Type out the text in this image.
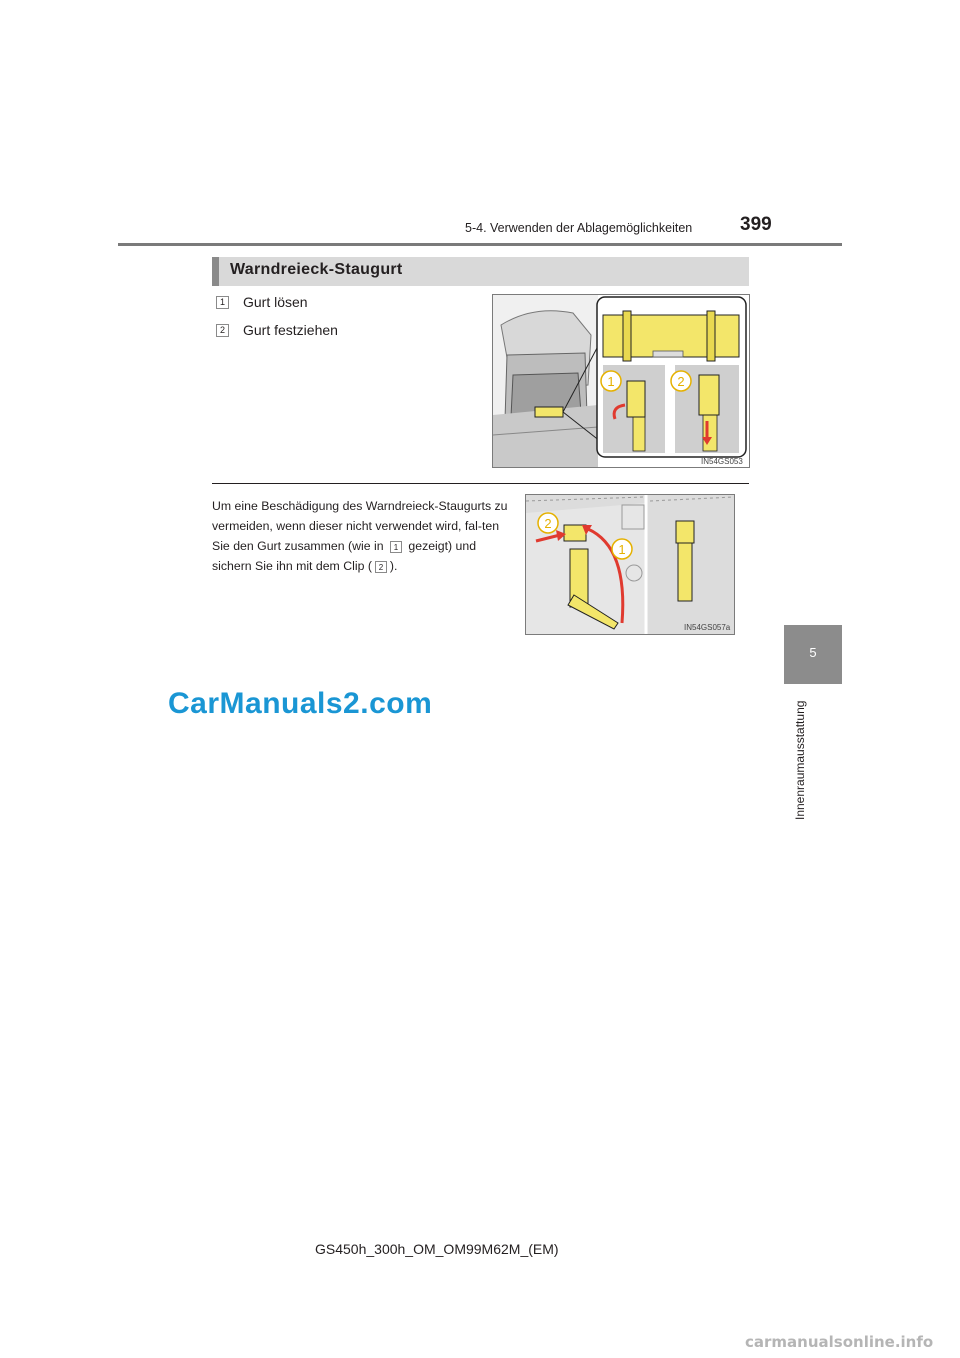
5-4. Verwenden der Ablagemöglichkeiten	399
5
Innenraumausstattung
Warndreieck-Staugurt
1 Gurt lösen
2 Gurt festziehen
1	2
IN54GS053
Um eine Beschädigung des Warndreieck-Staugurts zu vermeiden, wenn dieser nicht verwendet wird, fal-ten Sie den Gurt zusammen (wie in 1 gezeigt) und sichern Sie ihn mit dem Clip ( 2 ).
2
1
IN54GS057a
CarManuals2.com
GS450h_300h_OM_OM99M62M_(EM)
carmanualsonline.info
